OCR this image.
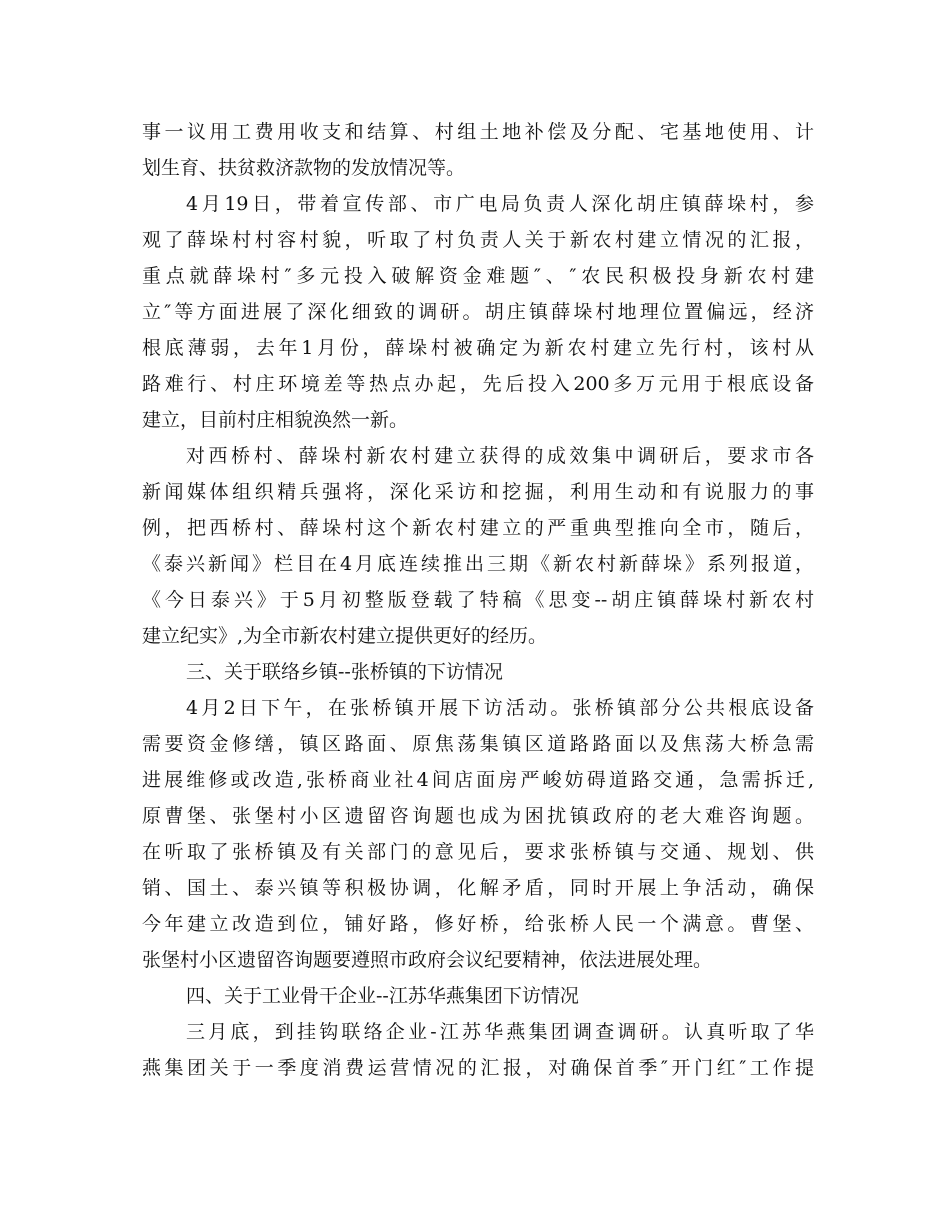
事一议用工费用收支和结算、村组土地补偿及分配、宅基地使用、计
划生育、扶贫救济款物的发放情况等。
4月19日，带着宣传部、市广电局负责人深化胡庄镇薛垛村，参
观了薛垛村村容村貌，听取了村负责人关于新农村建立情况的汇报，
重点就薛垛村″多元投入破解资金难题″、″农民积极投身新农村建
立″等方面进展了深化细致的调研。胡庄镇薛垛村地理位置偏远，经济
根底薄弱，去年1月份，薛垛村被确定为新农村建立先行村，该村从
路难行、村庄环境差等热点办起，先后投入200多万元用于根底设备
建立，目前村庄相貌涣然一新。
对西桥村、薛垛村新农村建立获得的成效集中调研后，要求市各
新闻媒体组织精兵强将，深化采访和挖掘，利用生动和有说服力的事
例，把西桥村、薛垛村这个新农村建立的严重典型推向全市，随后，
《泰兴新闻》栏目在4月底连续推出三期《新农村新薛垛》系列报道，
《今日泰兴》于5月初整版登载了特稿《思变--胡庄镇薛垛村新农村
建立纪实》,为全市新农村建立提供更好的经历。
三、关于联络乡镇--张桥镇的下访情况
4月2日下午，在张桥镇开展下访活动。张桥镇部分公共根底设备
需要资金修缮，镇区路面、原焦荡集镇区道路路面以及焦荡大桥急需
进展维修或改造,张桥商业社4间店面房严峻妨碍道路交通，急需拆迁,
原曹堡、张堡村小区遗留咨询题也成为困扰镇政府的老大难咨询题。
在听取了张桥镇及有关部门的意见后，要求张桥镇与交通、规划、供
销、国土、泰兴镇等积极协调，化解矛盾，同时开展上争活动，确保
今年建立改造到位，铺好路，修好桥，给张桥人民一个满意。曹堡、
张堡村小区遗留咨询题要遵照市政府会议纪要精神，依法进展处理。
四、关于工业骨干企业--江苏华燕集团下访情况
三月底，到挂钩联络企业-江苏华燕集团调查调研。认真听取了华
燕集团关于一季度消费运营情况的汇报，对确保首季″开门红″工作提
